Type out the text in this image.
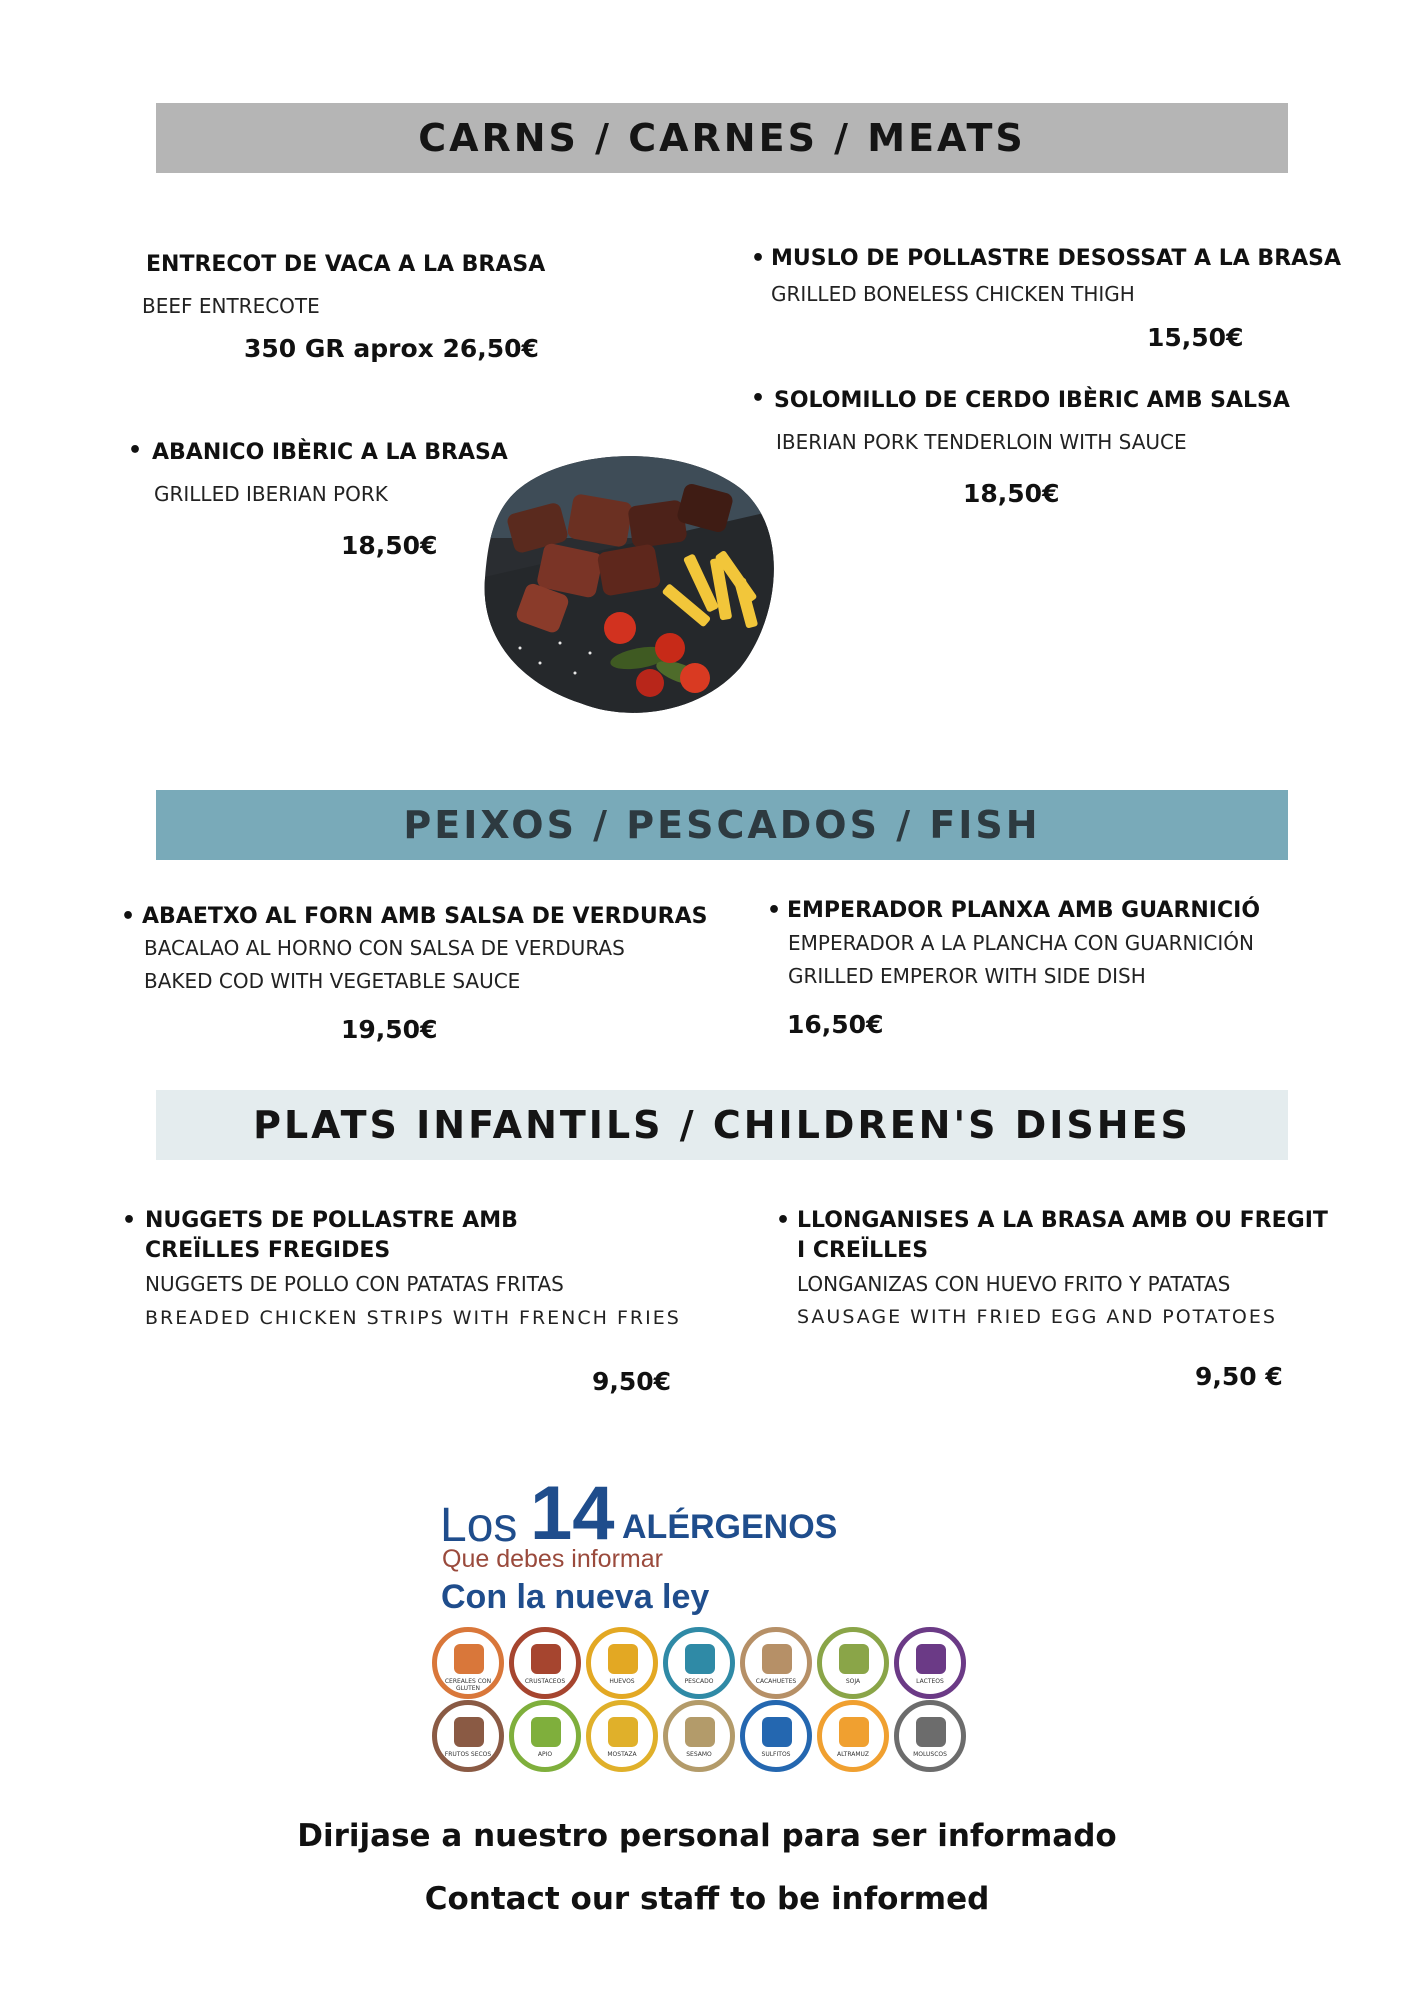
CARNS / CARNES / MEATS
PEIXOS / PESCADOS / FISH
PLATS INFANTILS / CHILDREN'S DISHES
ENTRECOT DE VACA A LA BRASA
BEEF ENTRECOTE
350 GR aprox 26,50€
• MUSLO DE POLLASTRE DESOSSAT A LA BRASA
GRILLED BONELESS CHICKEN THIGH
15,50€
• SOLOMILLO DE CERDO IBÈRIC AMB SALSA
IBERIAN PORK TENDERLOIN WITH SAUCE
18,50€
• ABANICO IBÈRIC A LA BRASA
GRILLED IBERIAN PORK
18,50€
• ABAETXO AL FORN AMB SALSA DE VERDURAS
BACALAO AL HORNO CON SALSA DE VERDURAS
BAKED COD WITH VEGETABLE SAUCE
19,50€
• EMPERADOR PLANXA AMB GUARNICIÓ
EMPERADOR A LA PLANCHA CON GUARNICIÓN
GRILLED EMPEROR WITH SIDE DISH
16,50€
• NUGGETS DE POLLASTRE AMB
CREÏLLES FREGIDES
NUGGETS DE POLLO CON PATATAS FRITAS
BREADED CHICKEN STRIPS WITH FRENCH FRIES
9,50€
• LLONGANISES A LA BRASA AMB OU FREGIT
I CREÏLLES
LONGANIZAS CON HUEVO FRITO Y PATATAS
SAUSAGE WITH FRIED EGG AND POTATOES
9,50 €
Los 14 ALÉRGENOS
Que debes informar
Con la nueva ley
CEREALES CON GLUTEN
CRUSTACEOS	HUEVOS	PESCADO	CACAHUETES	SOJA	LACTEOS
FRUTOS SECOS	APIO	MOSTAZA	SESAMO	SULFITOS	ALTRAMUZ	MOLUSCOS
Dirijase a nuestro personal para ser informado
Contact our staff to be informed
